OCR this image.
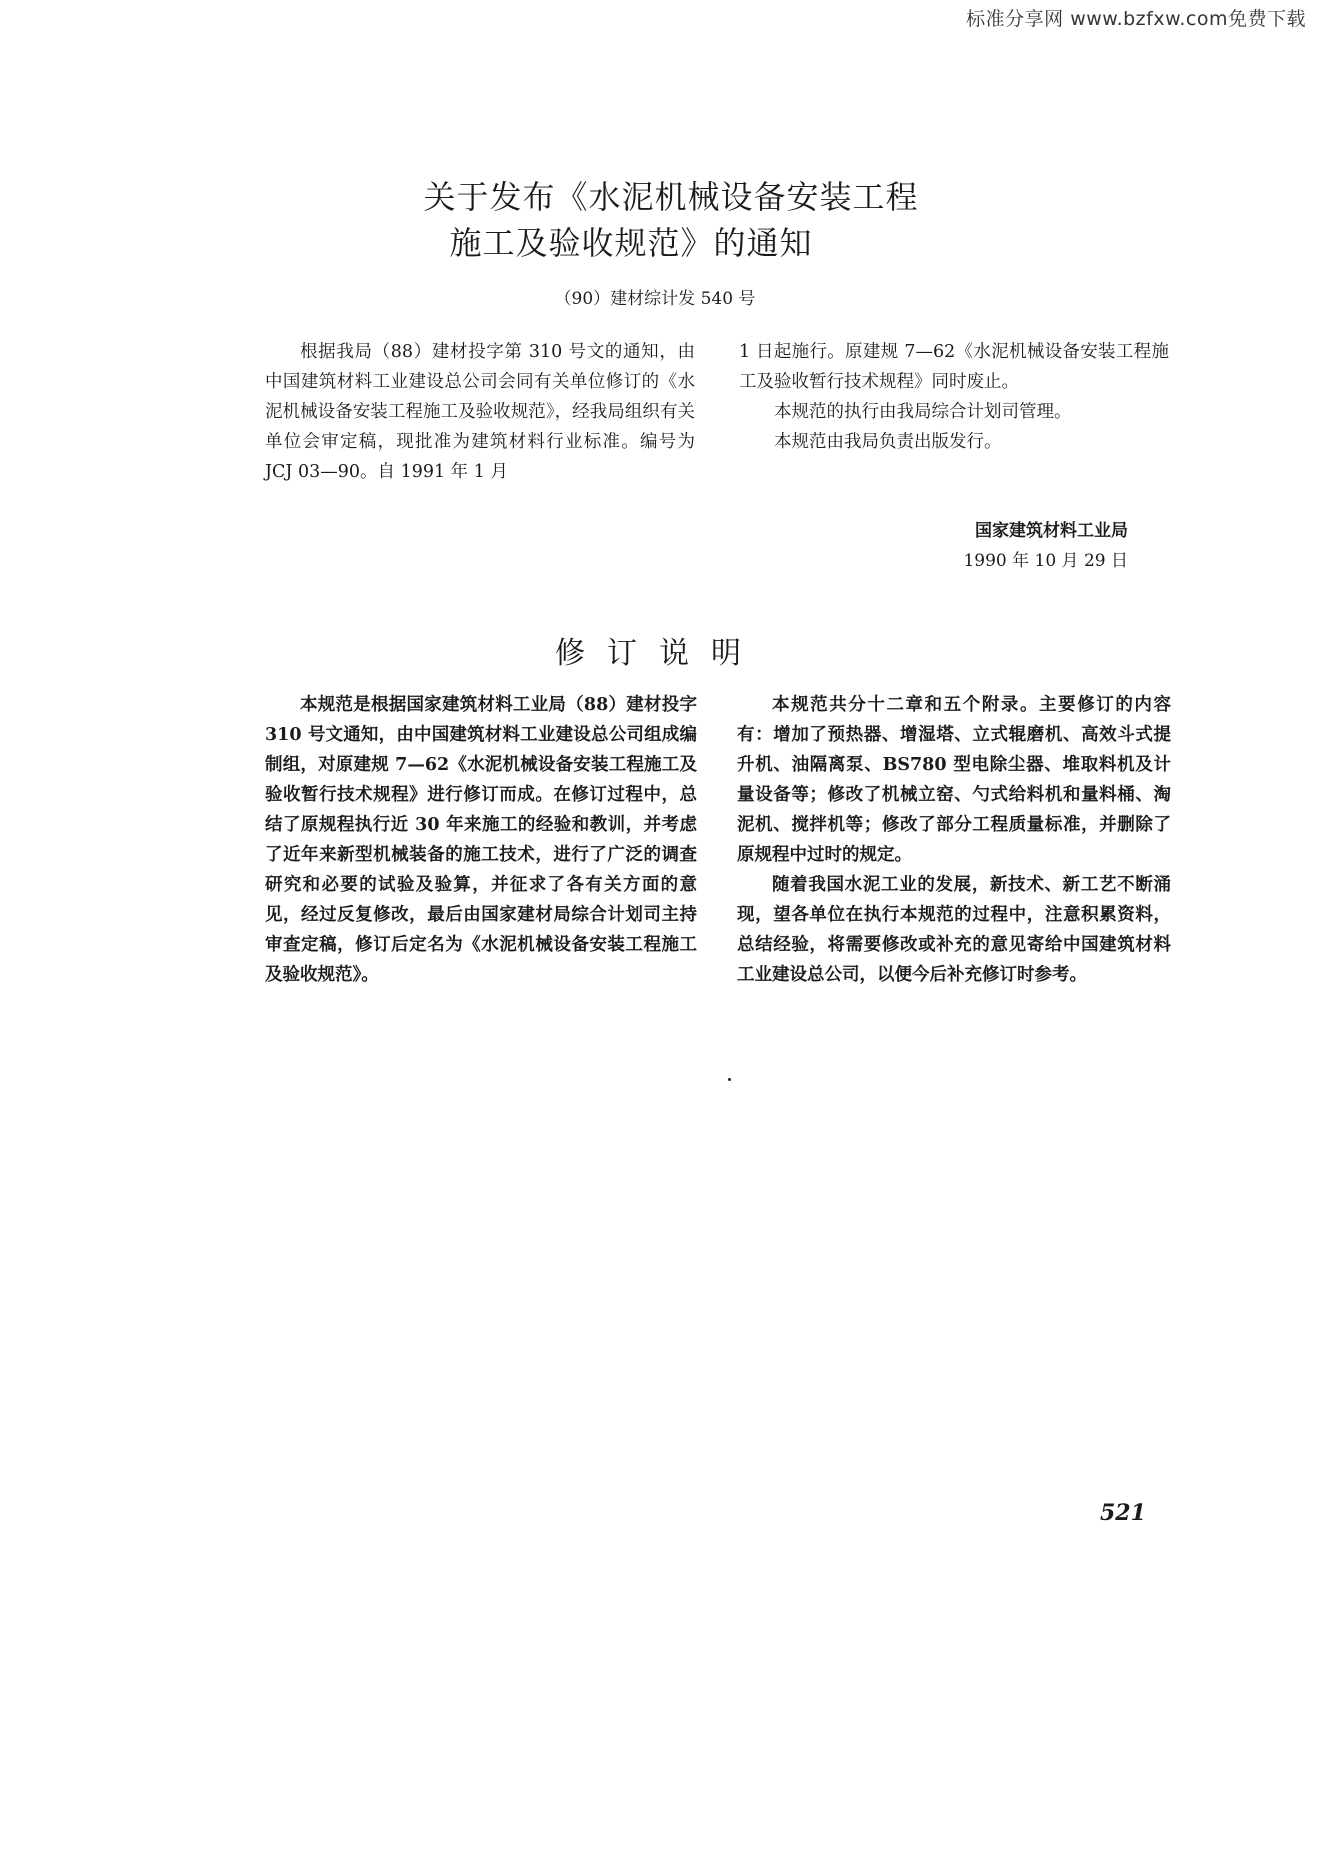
标准分享网 www.bzfxw.com免费下载
关于发布《水泥机械设备安装工程
施工及验收规范》的通知
（90）建材综计发 540 号

根据我局（88）建材投字第 310 号文的通知，由中国建筑材料工业建设总公司会同有关单位修订的《水泥机械设备安装工程施工及验收规范》，经我局组织有关单位会审定稿，现批准为建筑材料行业标准。编号为 JCJ 03—90。自 1991 年 1 月

1 日起施行。原建规 7—62《水泥机械设备安装工程施工及验收暂行技术规程》同时废止。

本规范的执行由我局综合计划司管理。

本规范由我局负责出版发行。

国家建筑材料工业局
1990 年 10 月 29 日
修订说明

本规范是根据国家建筑材料工业局（88）建材投字 310 号文通知，由中国建筑材料工业建设总公司组成编制组，对原建规 7—62《水泥机械设备安装工程施工及验收暂行技术规程》进行修订而成。在修订过程中，总结了原规程执行近 30 年来施工的经验和教训，并考虑了近年来新型机械装备的施工技术，进行了广泛的调查研究和必要的试验及验算，并征求了各有关方面的意见，经过反复修改，最后由国家建材局综合计划司主持审查定稿，修订后定名为《水泥机械设备安装工程施工及验收规范》。

本规范共分十二章和五个附录。主要修订的内容有：增加了预热器、增湿塔、立式辊磨机、高效斗式提升机、油隔离泵、BS780 型电除尘器、堆取料机及计量设备等；修改了机械立窑、勺式给料机和量料桶、淘泥机、搅拌机等；修改了部分工程质量标准，并删除了原规程中过时的规定。

随着我国水泥工业的发展，新技术、新工艺不断涌现，望各单位在执行本规范的过程中，注意积累资料，总结经验，将需要修改或补充的意见寄给中国建筑材料工业建设总公司，以便今后补充修订时参考。

521
